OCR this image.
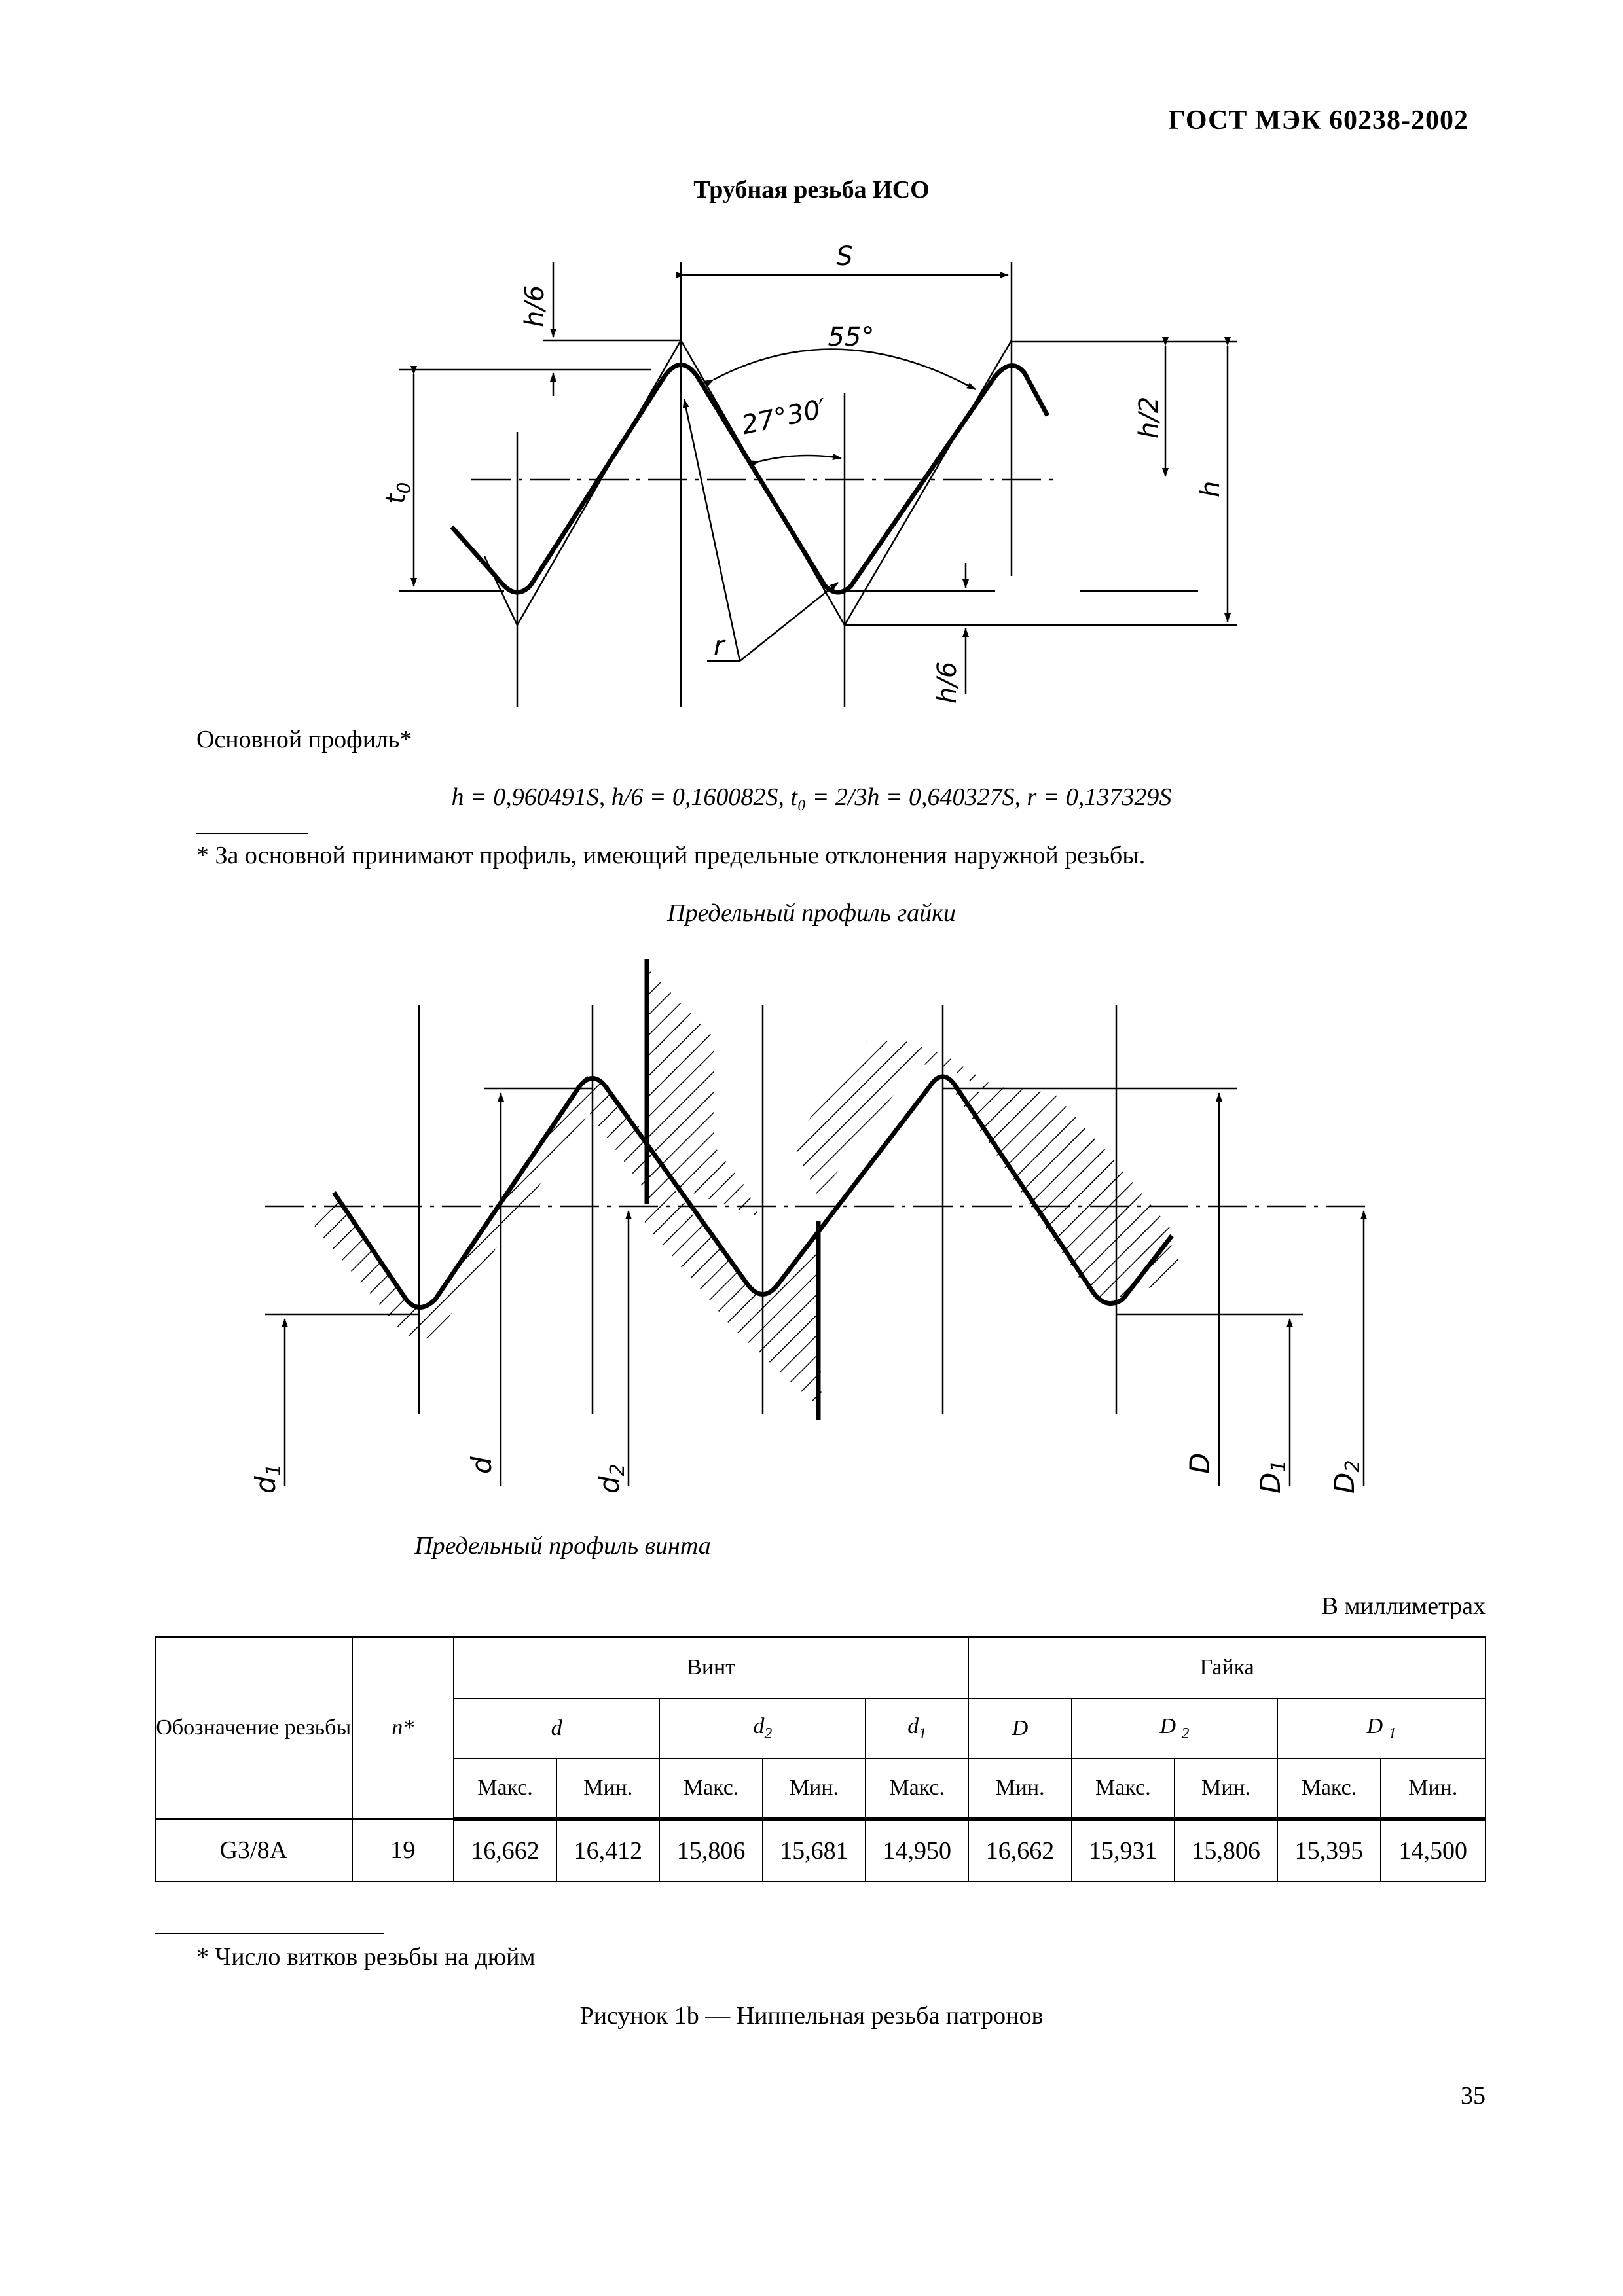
ГОСТ МЭК 60238-2002
Трубная резьба ИСО
S
55°
27°30′
h/6
h/6
h/2
h
$t_0$
r
Основной профиль*
h = 0,960491S, h/6 = 0,160082S, t₀ = 2/3h = 0,640327S, r = 0,137329S
* За основной принимают профиль, имеющий предельные отклонения наружной резьбы.
Предельный профиль гайки
d1	d
d2	D
D1
D2
Предельный профиль винта
В миллиметрах
Обозначение резьбы	n*	Винт					Гайка				
		d		$d_2$		$d_1$	D	D $_2$		D $_1$
		Макс.	Мин.	Макс.	Мин.	Макс.	Мин.	Макс.	Мин.	Макс.	Мин.
G3/8A	19	16,662	16,412	15,806	15,681	14,950	16,662	15,931	15,806	15,395	14,500
* Число витков резьбы на дюйм
Рисунок 1b — Ниппельная резьба патронов
35
